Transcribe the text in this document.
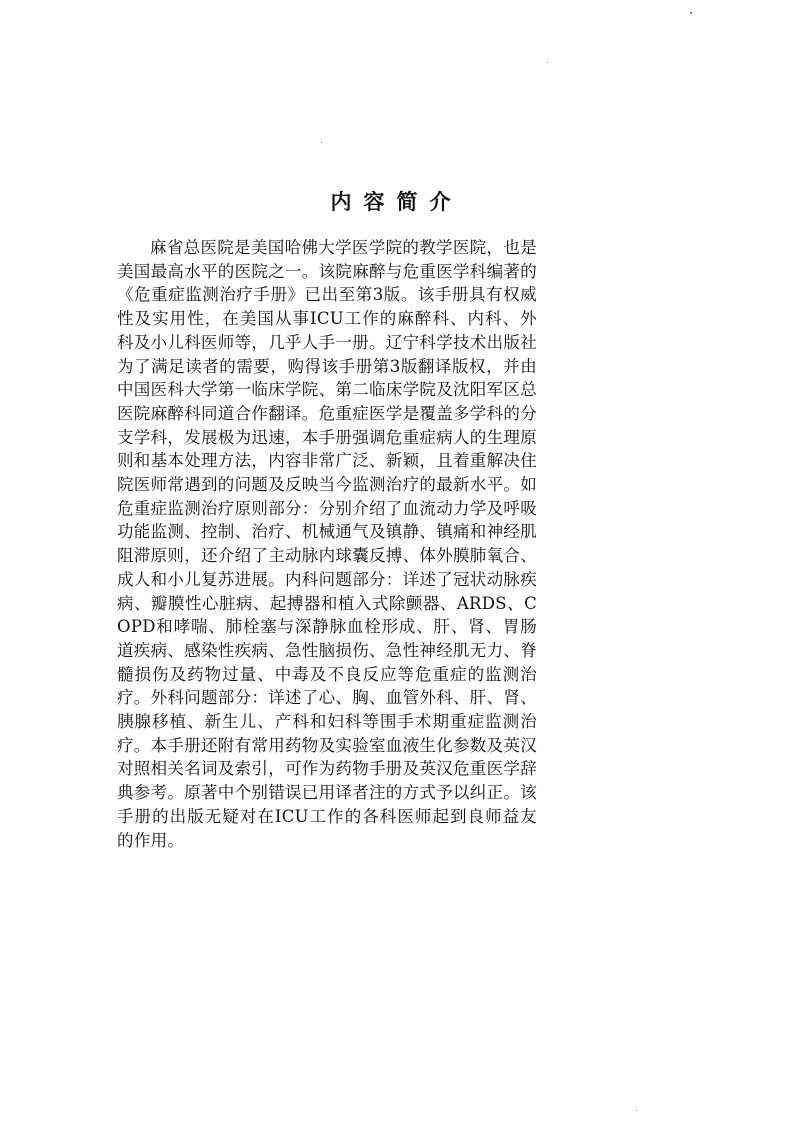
内容简介

麻省总医院是美国哈佛大学医学院的教学医院，也是美国最高水平的医院之一。该院麻醉与危重医学科编著的《危重症监测治疗手册》已出至第3版。该手册具有权威性及实用性，在美国从事ICU工作的麻醉科、内科、外科及小儿科医师等，几乎人手一册。辽宁科学技术出版社为了满足读者的需要，购得该手册第3版翻译版权，并由中国医科大学第一临床学院、第二临床学院及沈阳军区总医院麻醉科同道合作翻译。危重症医学是覆盖多学科的分支学科，发展极为迅速，本手册强调危重症病人的生理原则和基本处理方法，内容非常广泛、新颖，且着重解决住院医师常遇到的问题及反映当今监测治疗的最新水平。如危重症监测治疗原则部分：分别介绍了血流动力学及呼吸功能监测、控制、治疗、机械通气及镇静、镇痛和神经肌阻滞原则，还介绍了主动脉内球囊反搏、体外膜肺氧合、成人和小儿复苏进展。内科问题部分：详述了冠状动脉疾病、瓣膜性心脏病、起搏器和植入式除颤器、ARDS、COPD和哮喘、肺栓塞与深静脉血栓形成、肝、肾、胃肠道疾病、感染性疾病、急性脑损伤、急性神经肌无力、脊髓损伤及药物过量、中毒及不良反应等危重症的监测治疗。外科问题部分：详述了心、胸、血管外科、肝、肾、胰腺移植、新生儿、产科和妇科等围手术期重症监测治疗。本手册还附有常用药物及实验室血液生化参数及英汉对照相关名词及索引，可作为药物手册及英汉危重医学辞典参考。原著中个别错误已用译者注的方式予以纠正。该手册的出版无疑对在ICU工作的各科医师起到良师益友的作用。
